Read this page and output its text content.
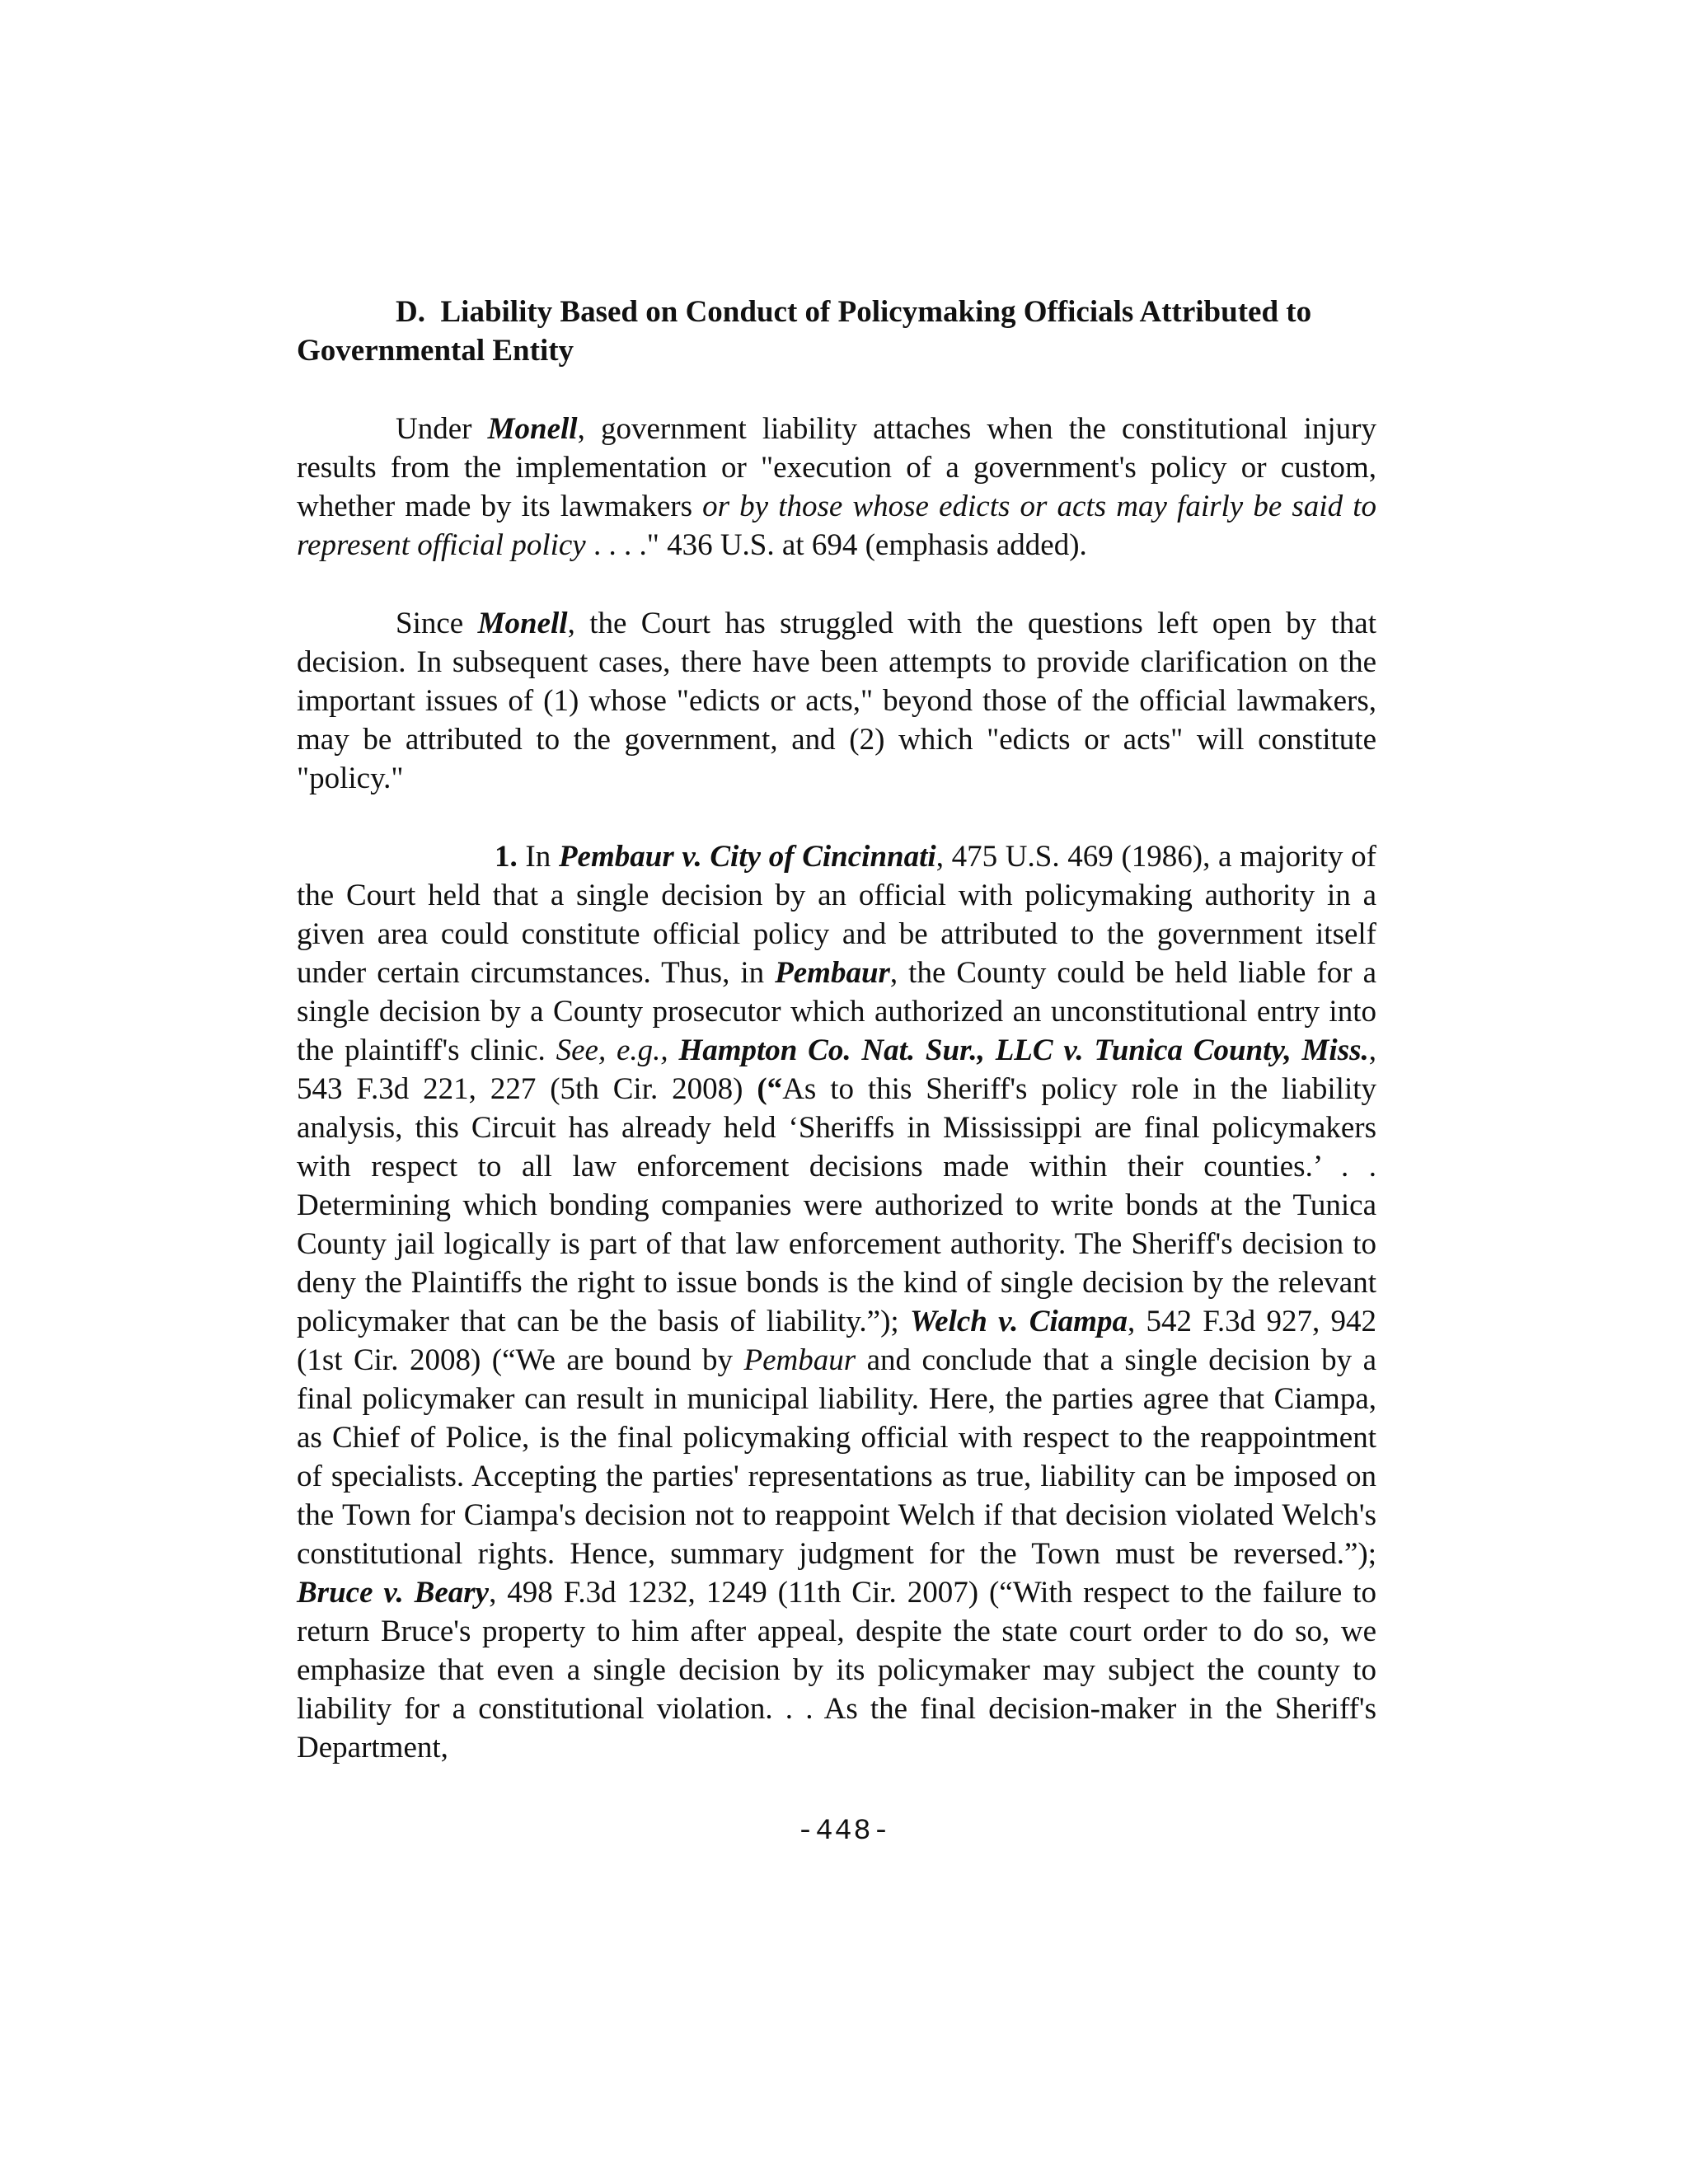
D. Liability Based on Conduct of Policymaking Officials Attributed to Governmental Entity

Under Monell, government liability attaches when the constitutional injury results from the implementation or "execution of a government's policy or custom, whether made by its lawmakers or by those whose edicts or acts may fairly be said to represent official policy . . . ." 436 U.S. at 694 (emphasis added).

Since Monell, the Court has struggled with the questions left open by that decision. In subsequent cases, there have been attempts to provide clarification on the important issues of (1) whose "edicts or acts," beyond those of the official lawmakers, may be attributed to the government, and (2) which "edicts or acts" will constitute "policy."

1. In Pembaur v. City of Cincinnati, 475 U.S. 469 (1986), a majority of the Court held that a single decision by an official with policymaking authority in a given area could constitute official policy and be attributed to the government itself under certain circumstances. Thus, in Pembaur, the County could be held liable for a single decision by a County prosecutor which authorized an unconstitutional entry into the plaintiff's clinic. See, e.g., Hampton Co. Nat. Sur., LLC v. Tunica County, Miss., 543 F.3d 221, 227 (5th Cir. 2008) (“As to this Sheriff's policy role in the liability analysis, this Circuit has already held ‘Sheriffs in Mississippi are final policymakers with respect to all law enforcement decisions made within their counties.’ . . Determining which bonding companies were authorized to write bonds at the Tunica County jail logically is part of that law enforcement authority. The Sheriff's decision to deny the Plaintiffs the right to issue bonds is the kind of single decision by the relevant policymaker that can be the basis of liability.”); Welch v. Ciampa, 542 F.3d 927, 942 (1st Cir. 2008) (“We are bound by Pembaur and conclude that a single decision by a final policymaker can result in municipal liability. Here, the parties agree that Ciampa, as Chief of Police, is the final policymaking official with respect to the reappointment of specialists. Accepting the parties' representations as true, liability can be imposed on the Town for Ciampa's decision not to reappoint Welch if that decision violated Welch's constitutional rights. Hence, summary judgment for the Town must be reversed.”); Bruce v. Beary, 498 F.3d 1232, 1249 (11th Cir. 2007) (“With respect to the failure to return Bruce's property to him after appeal, despite the state court order to do so, we emphasize that even a single decision by its policymaker may subject the county to liability for a constitutional violation. . . As the final decision-maker in the Sheriff's Department,

-448-
